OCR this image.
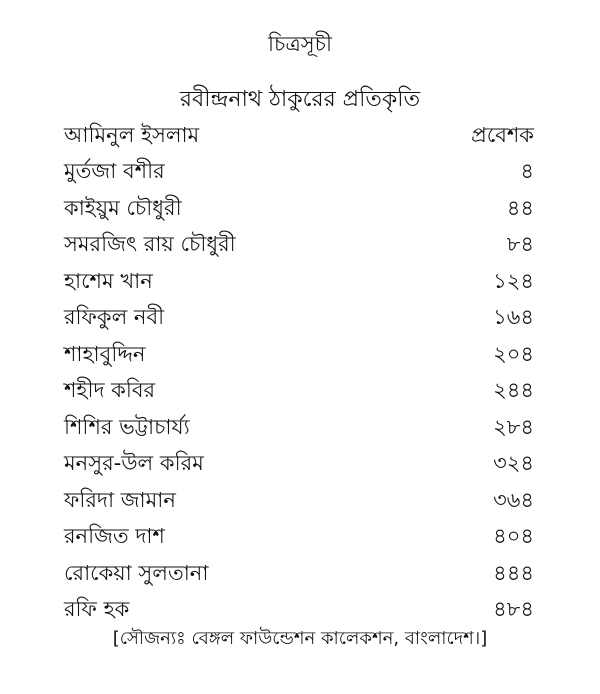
চিত্রসূচী
রবীন্দ্রনাথ ঠাকুরের প্রতিকৃতি
আমিনুল ইসলাম	প্রবেশক
মুর্তজা বশীর	৪
কাইয়ুম চৌধুরী	৪৪
সমরজিৎ রায় চৌধুরী	৮৪
হাশেম খান	১২৪
রফিকুল নবী	১৬৪
শাহাবুদ্দিন	২০৪
শহীদ কবির	২৪৪
শিশির ভট্টাচার্য্য	২৮৪
মনসুর-উল করিম	৩২৪
ফরিদা জামান	৩৬৪
রনজিত দাশ	৪০৪
রোকেয়া সুলতানা	৪৪৪
রফি হক	৪৮৪
[সৌজন্যঃ বেঙ্গল ফাউন্ডেশন কালেকশন, বাংলাদেশ।]
